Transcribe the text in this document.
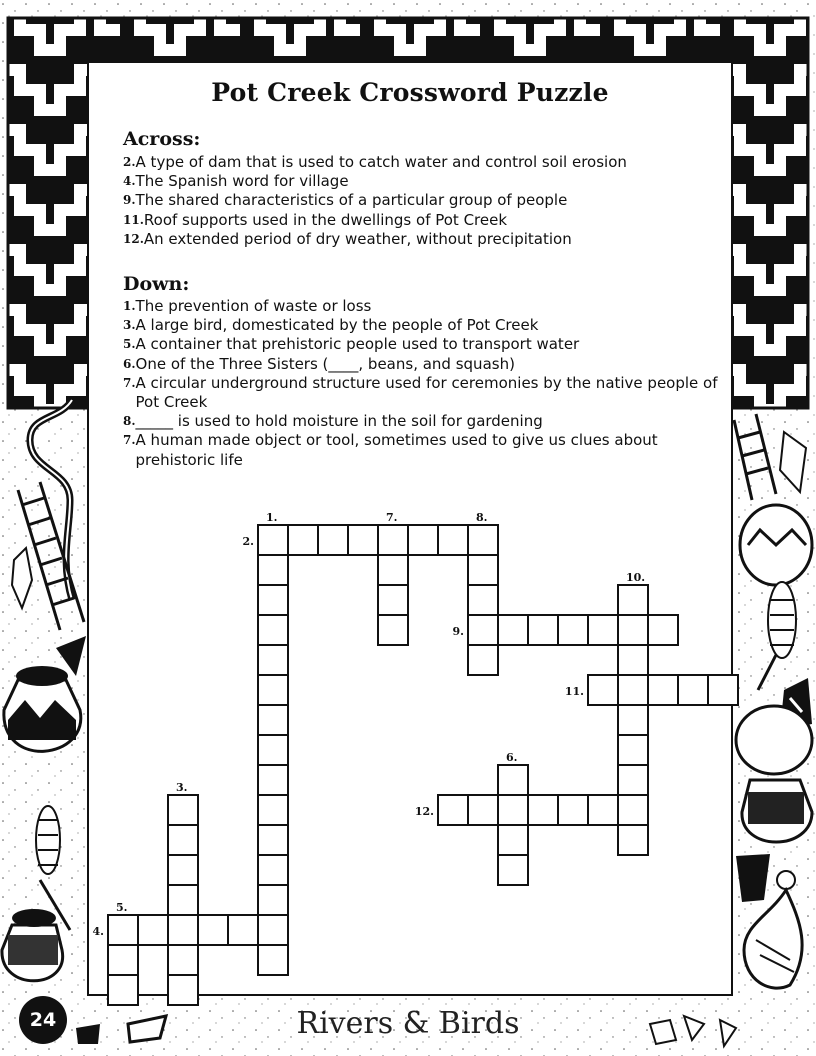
Pot Creek Crossword Puzzle
Across:
2. A type of dam that is used to catch water and control soil erosion
4. The Spanish word for village
9. The shared characteristics of a particular group of people
11. Roof supports used in the dwellings of Pot Creek
12. An extended period of dry weather, without precipitation
Down:
1. The prevention of waste or loss
3. A large bird, domesticated by the people of Pot Creek
5. A container that prehistoric people used to transport water
6. One of the Three Sisters (____, beans, and squash)
7. A circular underground structure used for ceremonies by the native people of Pot Creek
8. _____ is used to hold moisture in the soil for gardening
7. A human made object or tool, sometimes used to give us clues about prehistoric life
1.
2.
7.	8.
9.
10.
11.
12.
6.
3.
4.
5.
24	Rivers & Birds
